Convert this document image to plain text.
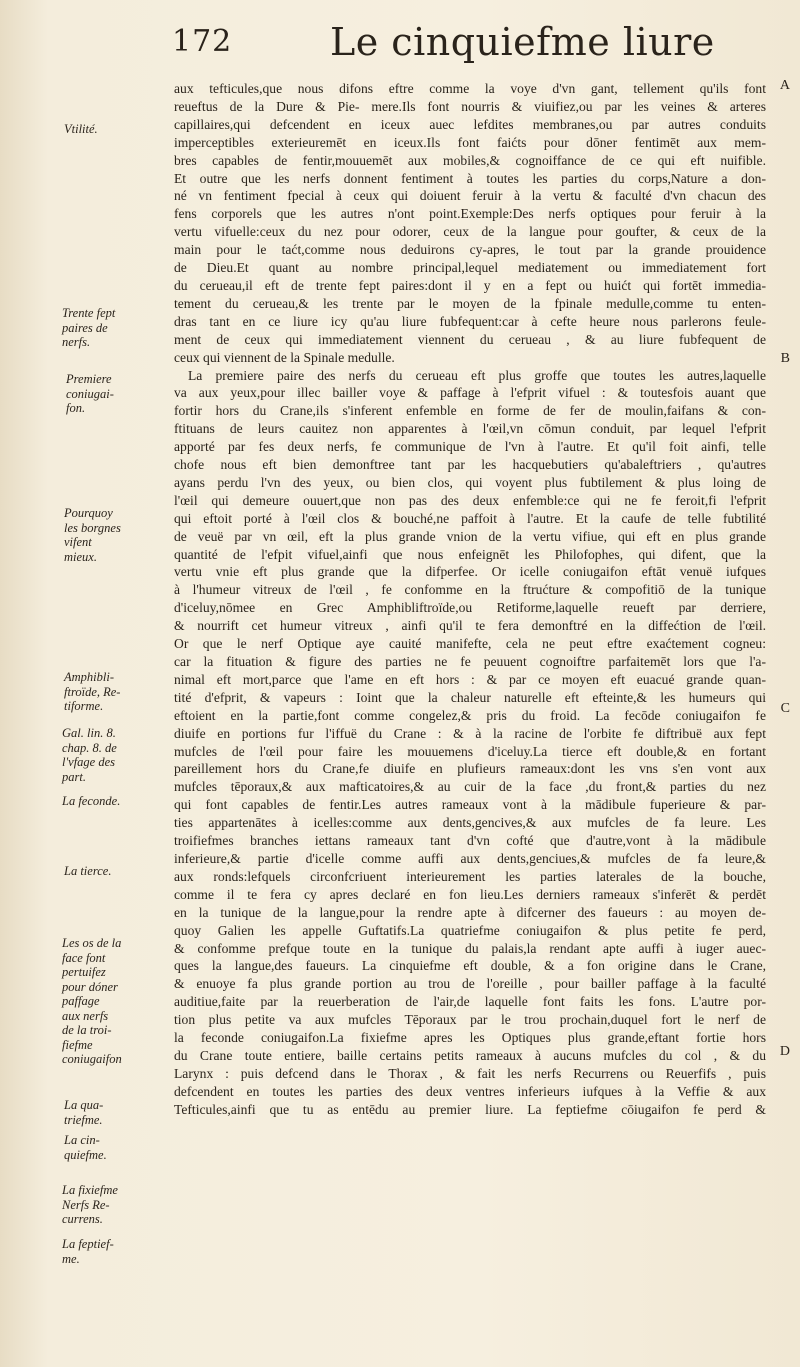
172	Le cinquiefme liure
Vtilité.
Trente fept
paires de
nerfs.
Premiere
coniugai-
fon.
Pourquoy
les borgnes
vifent
mieux.
Amphibli-
ftroïde, Re-
tiforme.
Gal. lin. 8.
chap. 8. de
l'vfage des
part.
La feconde.
La tierce.
Les os de la
face font
pertuifez
pour dóner
paffage
aux nerfs
de la troi-
fiefme
coniugaifon
La qua-
triefme.
La cin-
quiefme.
La fixiefme
Nerfs Re-
currens.
La feptief-
me.
A
B
C
D
aux tefticules,que nous difons eftre comme la voye d'vn gant, tellement qu'ils font
reueftus de la Dure & Pie- mere.Ils font nourris & viuifiez,ou par les veines & arteres
capillaires,qui defcendent en iceux auec lefdites membranes,ou par autres conduits
imperceptibles exterieuremēt en iceux.Ils font faićts pour dōner fentimēt aux mem-
bres capables de fentir,mouuemēt aux mobiles,& cognoiffance de ce qui eft nuifible.
Et outre que les nerfs donnent fentiment à toutes les parties du corps,Nature a don-
né vn fentiment fpecial à ceux qui doiuent feruir à la vertu & faculté d'vn chacun des
fens corporels que les autres n'ont point.Exemple:Des nerfs optiques pour feruir à la
vertu vifuelle:ceux du nez pour odorer, ceux de la langue pour goufter, & ceux de la
main pour le taćt,comme nous deduirons cy-apres, le tout par la grande prouidence
de Dieu.Et quant au nombre principal,lequel mediatement ou immediatement fort
du cerueau,il eft de trente fept paires:dont il y en a fept ou huićt qui fortēt immedia-
tement du cerueau,& les trente par le moyen de la fpinale medulle,comme tu enten-
dras tant en ce liure icy qu'au liure fubfequent:car à cefte heure nous parlerons feule-
ment de ceux qui immediatement viennent du cerueau , & au liure fubfequent de
ceux qui viennent de la Spinale medulle.
La premiere paire des nerfs du cerueau eft plus groffe que toutes les autres,laquelle
va aux yeux,pour illec bailler voye & paffage à l'efprit vifuel : & toutesfois auant que
fortir hors du Crane,ils s'inferent enfemble en forme de fer de moulin,faifans & con-
ftituans de leurs cauitez non apparentes à l'œil,vn cōmun conduit, par lequel l'efprit
apporté par fes deux nerfs, fe communique de l'vn à l'autre. Et qu'il foit ainfi, telle
chofe nous eft bien demonftree tant par les hacquebutiers qu'abaleftriers , qu'autres
ayans perdu l'vn des yeux, ou bien clos, qui voyent plus fubtilement & plus loing de
l'œil qui demeure ouuert,que non pas des deux enfemble:ce qui ne fe feroit,fi l'efprit
qui eftoit porté à l'œil clos & bouché,ne paffoit à l'autre. Et la caufe de telle fubtilité
de veuë par vn œil, eft la plus grande vnion de la vertu vifiue, qui eft en plus grande
quantité de l'efpit vifuel,ainfi que nous enfeignēt les Philofophes, qui difent, que la
vertu vnie eft plus grande que la difperfee. Or icelle coniugaifon eftāt venuë iufques
à l'humeur vitreux de l'œil , fe confomme en la ftrućture & compofitiō de la tunique
d'iceluy,nōmee en Grec Amphibliftroïde,ou Retiforme,laquelle reueft par derriere,
& nourrift cet humeur vitreux , ainfi qu'il te fera demonftré en la diffećtion de l'œil.
Or que le nerf Optique aye cauité manifefte, cela ne peut eftre exaćtement cogneu:
car la fituation & figure des parties ne fe peuuent cognoiftre parfaitemēt lors que l'a-
nimal eft mort,parce que l'ame en eft hors : & par ce moyen eft euacué grande quan-
tité d'efprit, & vapeurs : Ioint que la chaleur naturelle eft efteinte,& les humeurs qui
eftoient en la partie,font comme congelez,& pris du froid. La fecōde coniugaifon fe
diuife en portions fur l'iffuë du Crane : & à la racine de l'orbite fe diftribuë aux fept
mufcles de l'œil pour faire les mouuemens d'iceluy.La tierce eft double,& en fortant
pareillement hors du Crane,fe diuife en plufieurs rameaux:dont les vns s'en vont aux
mufcles tēporaux,& aux mafticatoires,& au cuir de la face ,du front,& parties du nez
qui font capables de fentir.Les autres rameaux vont à la mādibule fuperieure & par-
ties appartenātes à icelles:comme aux dents,gencives,& aux mufcles de fa leure. Les
troifiefmes branches iettans rameaux tant d'vn cofté que d'autre,vont à la mādibule
inferieure,& partie d'icelle comme auffi aux dents,genciues,& mufcles de fa leure,&
aux ronds:lefquels circonfcriuent interieurement les parties laterales de la bouche,
comme il te fera cy apres declaré en fon lieu.Les derniers rameaux s'inferēt & perdēt
en la tunique de la langue,pour la rendre apte à difcerner des faueurs : au moyen de-
quoy Galien les appelle Guftatifs.La quatriefme coniugaifon & plus petite fe perd,
& confomme prefque toute en la tunique du palais,la rendant apte auffi à iuger auec-
ques la langue,des faueurs. La cinquiefme eft double, & a fon origine dans le Crane,
& enuoye fa plus grande portion au trou de l'oreille , pour bailler paffage à la faculté
auditiue,faite par la reuerberation de l'air,de laquelle font faits les fons. L'autre por-
tion plus petite va aux mufcles Tēporaux par le trou prochain,duquel fort le nerf de
la feconde coniugaifon.La fixiefme apres les Optiques plus grande,eftant fortie hors
du Crane toute entiere, baille certains petits rameaux à aucuns mufcles du col , & du
Larynx : puis defcend dans le Thorax , & fait les nerfs Recurrens ou Reuerfifs , puis
defcendent en toutes les parties des deux ventres inferieurs iufques à la Veffie & aux
Tefticules,ainfi que tu as entēdu au premier liure. La feptiefme cōiugaifon fe perd &
